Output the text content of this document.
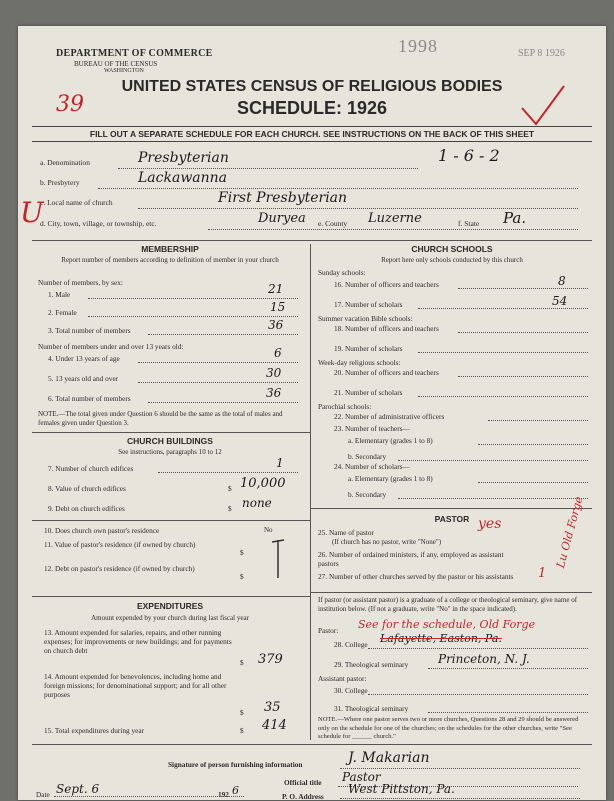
DEPARTMENT OF COMMERCE
BUREAU OF THE CENSUS
WASHINGTON
1998	SEP 8 1926
UNITED STATES CENSUS OF RELIGIOUS BODIES
SCHEDULE: 1926
39
FILL OUT A SEPARATE SCHEDULE FOR EACH CHURCH. SEE INSTRUCTIONS ON THE BACK OF THIS SHEET
a. Denomination	Presbyterian	1 - 6 - 2
b. Presbytery	Lackawanna
c. Local name of church	First Presbyterian
U
d. City, town, village, or township, etc.	Duryea e. County Luzerne	f. State Pa.
MEMBERSHIP
Report number of members according to definition of member in your church
Number of members, by sex:
1. Male	21
2. Female	15
3. Total number of members	36
Number of members under and over 13 years old:
4. Under 13 years of age	6
5. 13 years old and over	30
6. Total number of members	36
NOTE.—The total given under Question 6 should be the same as the total of males and females given under Question 3.
CHURCH BUILDINGS
See instructions, paragraphs 10 to 12
7. Number of church edifices	1
8. Value of church edifices	$ 10,000
9. Debt on church edifices	$ none
10. Does church own pastor's residence	No
11. Value of pastor's residence (if owned by church)
$
12. Debt on pastor's residence (if owned by church)
$
EXPENDITURES
Amount expended by your church during last fiscal year
13. Amount expended for salaries, repairs, and other running expenses; for improvements or new buildings; and for payments on church debt
$ 379
14. Amount expended for benevolences, including home and foreign missions; for denominational support; and for all other purposes
$ 35
15. Total expenditures during year	$ 414
CHURCH SCHOOLS
Report here only schools conducted by this church
Sunday schools:
16. Number of officers and teachers	8
17. Number of scholars	54
Summer vacation Bible schools:
18. Number of officers and teachers
19. Number of scholars
Week-day religious schools:
20. Number of officers and teachers
21. Number of scholars
Parochial schools:
22. Number of administrative officers
23. Number of teachers—
a. Elementary (grades 1 to 8)
b. Secondary
24. Number of scholars—
a. Elementary (grades 1 to 8)
b. Secondary
PASTOR
25. Name of pastor
yes
(If church has no pastor, write "None")
26. Number of ordained ministers, if any, employed as assistant pastors
27. Number of other churches served by the pastor or his assistants	1
Lu Old Forge
If pastor (or assistant pastor) is a graduate of a college or theological seminary, give name of institution below. (If not a graduate, write "No" in the space indicated).
Pastor: See for the schedule, Old Forge
28. College Lafayette, Easton, Pa.
29. Theological seminary Princeton, N. J.
Assistant pastor:
30. College
31. Theological seminary
NOTE.—Where one pastor serves two or more churches, Questions 28 and 29 should be answered only on the schedule for one of the churches; on the schedules for the other churches, write "See schedule for ______ church."
Signature of person furnishing information	J. Makarian
Official title Pastor
Date Sept. 6	192 6	P. O. Address
West Pittston, Pa.
